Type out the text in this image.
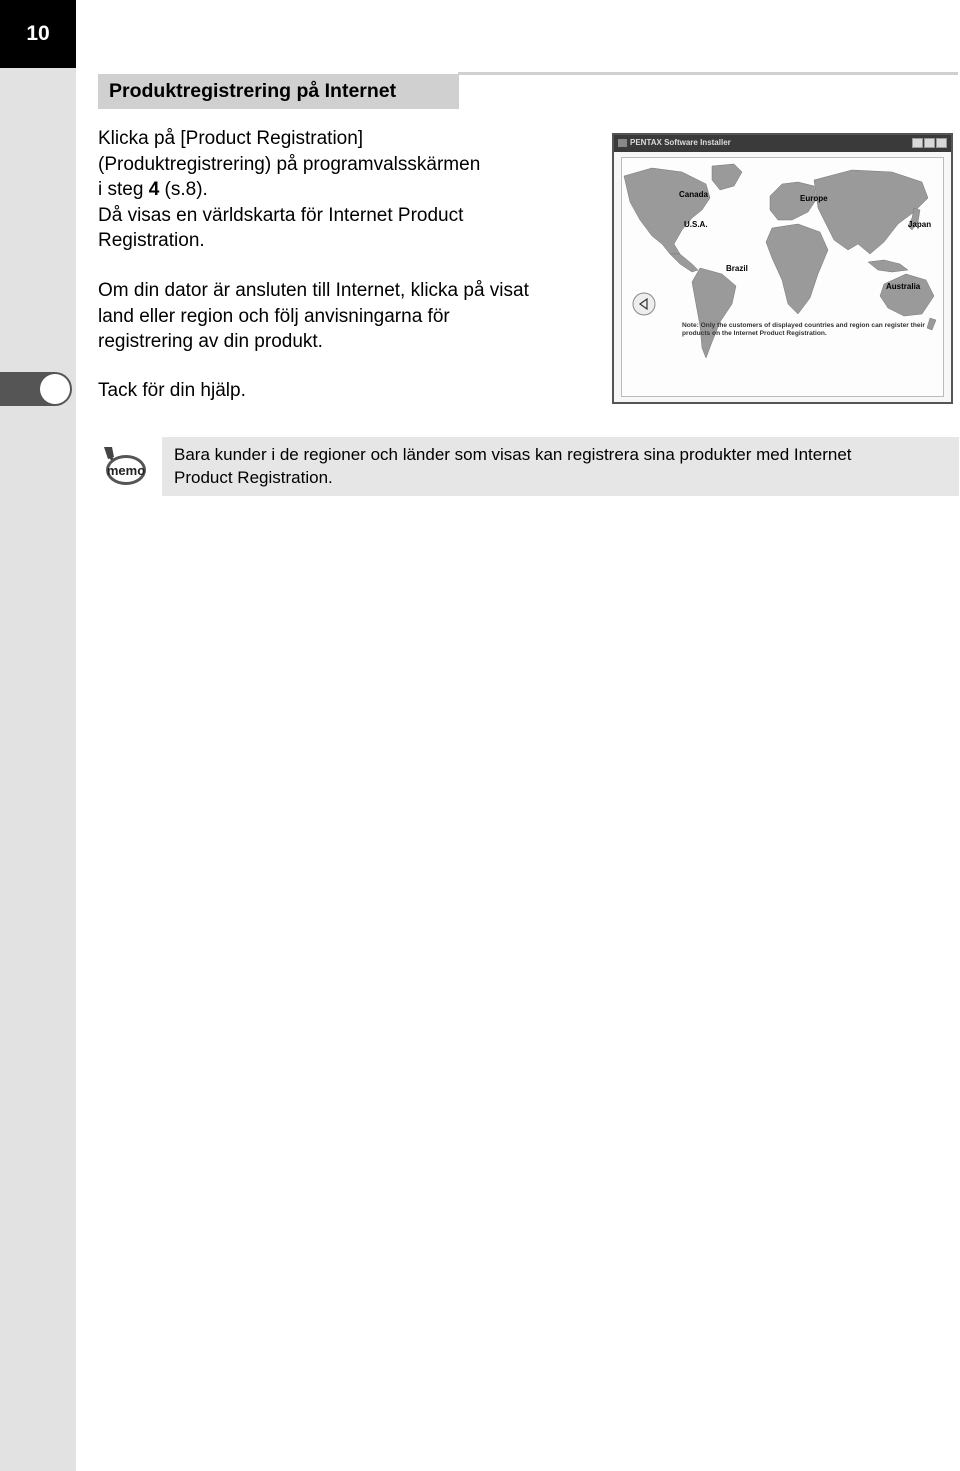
10
Produktregistrering på Internet

Klicka på [Product Registration]
(Produktregistrering) på programvalsskärmen
i steg 4 (s.8).
Då visas en världskarta för Internet Product
Registration.

Om din dator är ansluten till Internet, klicka på visat
land eller region och följ anvisningarna för
registrering av din produkt.

Tack för din hjälp.

PENTAX Software Installer
Canada	Europe
U.S.A.	Japan
Brazil
Australia
Note: Only the customers of displayed countries and region can register their products on the Internet Product Registration.
memo
Bara kunder i de regioner och länder som visas kan registrera sina produkter med Internet
Product Registration.
